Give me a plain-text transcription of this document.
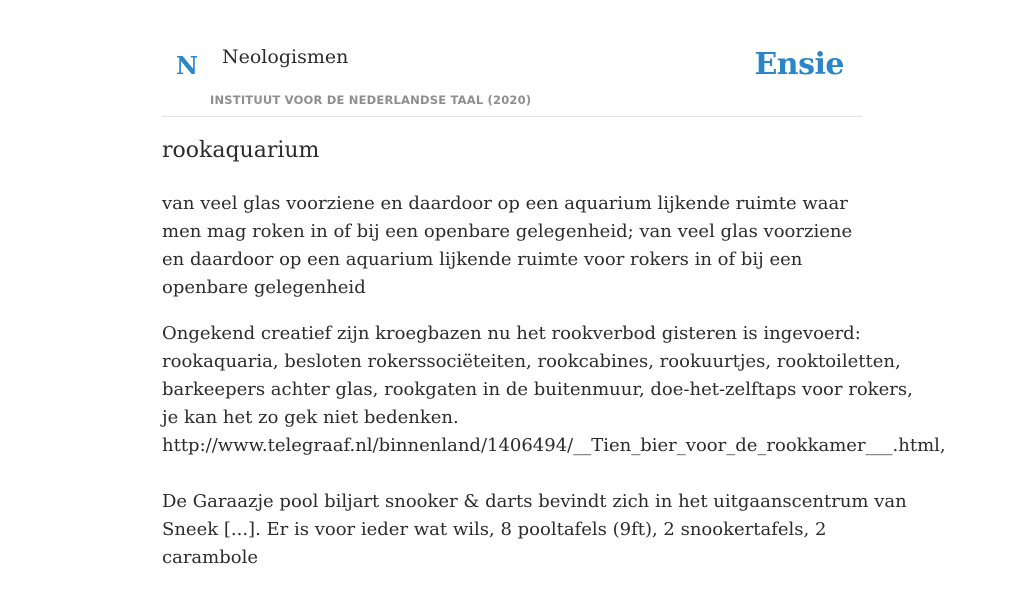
N Neologismen
INSTITUUT VOOR DE NEDERLANDSE TAAL (2020)
Ensie
rookaquarium

van veel glas voorziene en daardoor op een aquarium lijkende ruimte waar men mag roken in of bij een openbare gelegenheid; van veel glas voorziene en daardoor op een aquarium lijkende ruimte voor rokers in of bij een openbare gelegenheid

Ongekend creatief zijn kroegbazen nu het rookverbod gisteren is ingevoerd: rookaquaria, besloten rokerssociëteiten, rookcabines, rookuurtjes, rooktoiletten, barkeepers achter glas, rookgaten in de buitenmuur, doe-het-zelftaps voor rokers, je kan het zo gek niet bedenken.
http://www.telegraaf.nl/binnenland/1406494/__Tien_bier_voor_de_rookkamer___.html,
De Garaazje pool biljart snooker & darts bevindt zich in het uitgaanscentrum van Sneek [...]. Er is voor ieder wat wils, 8 pooltafels (9ft), 2 snookertafels, 2 carambole
